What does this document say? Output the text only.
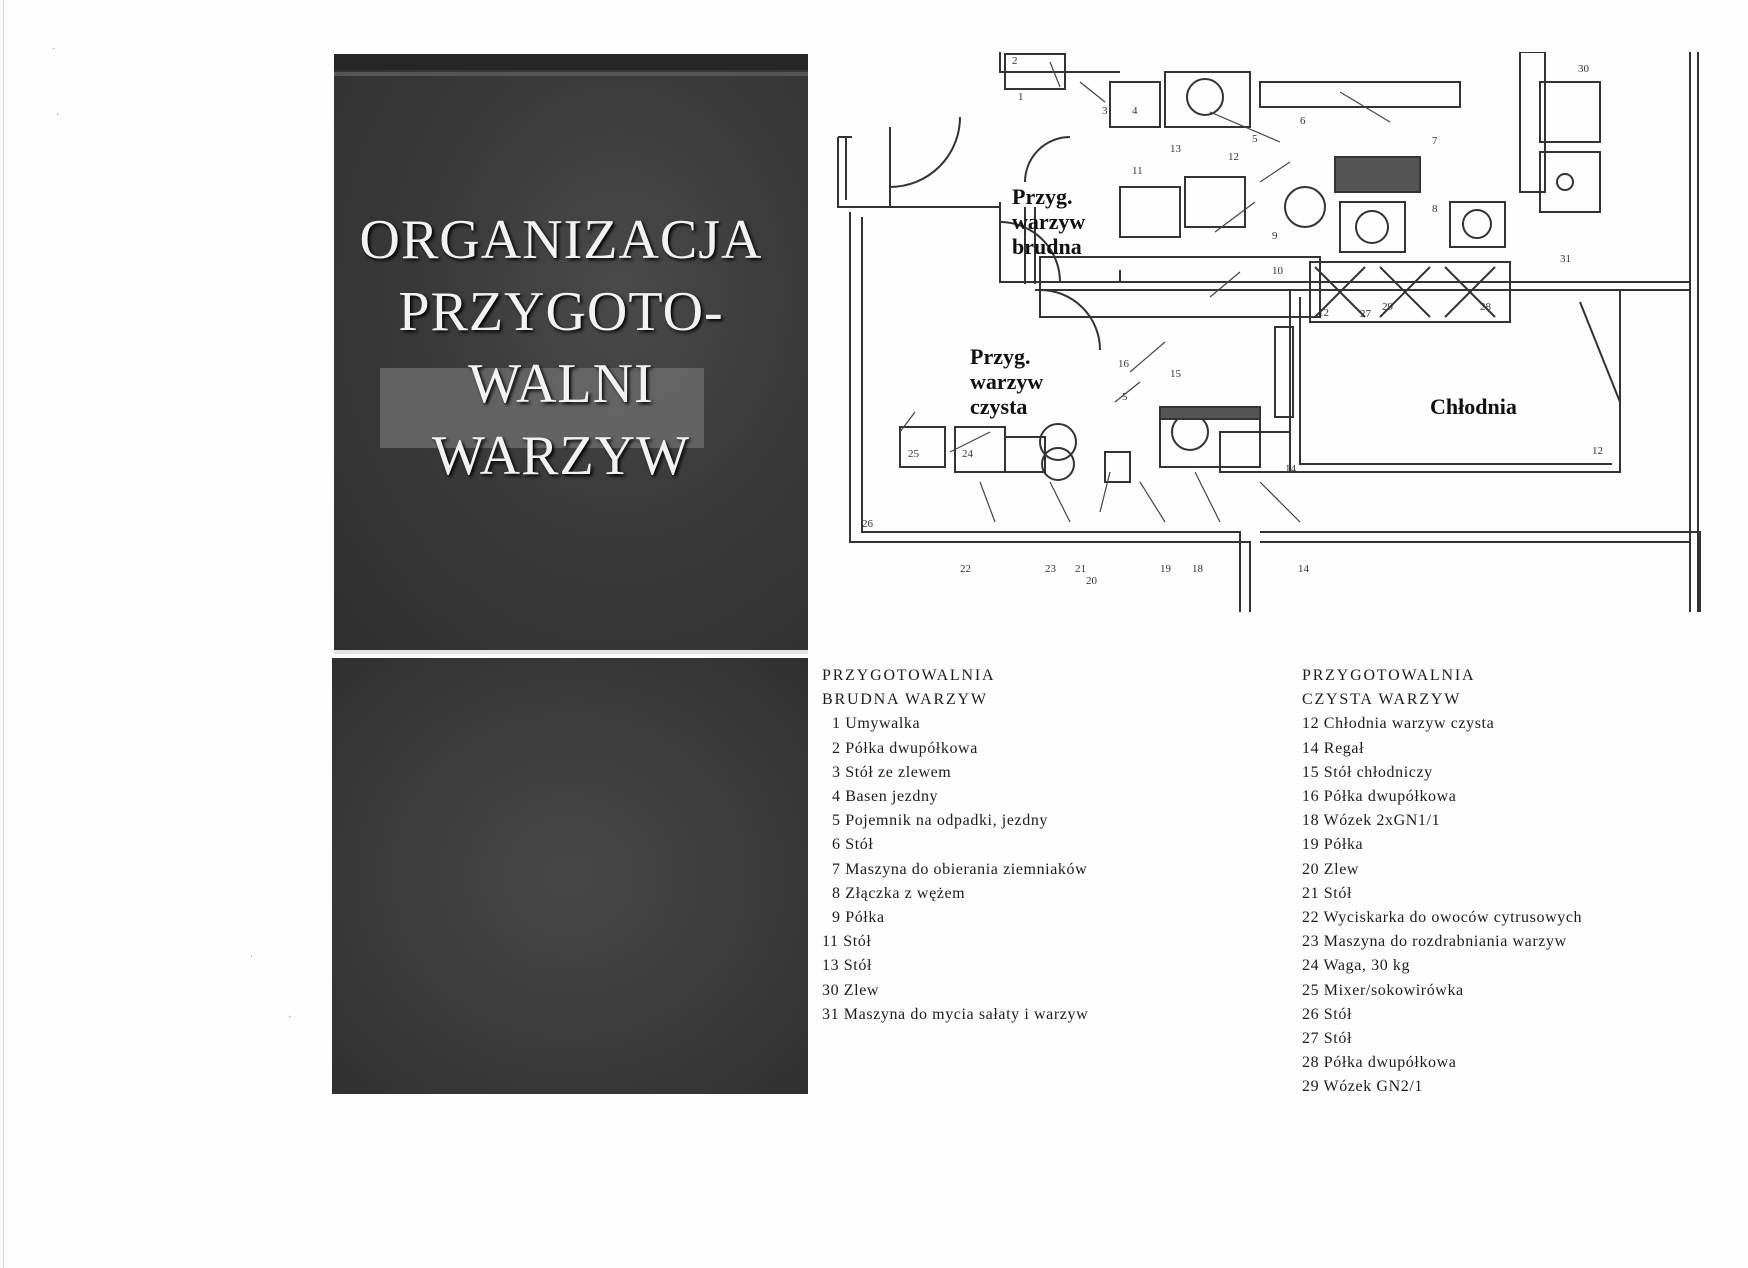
·
·
·
·
ORGANIZACJA
PRZYGOTO-
WALNI
WARZYW
2
1
3 4
5
6
7
8
9
10
11
13
12
27
28
29
12
14
15
16
5
12
25	24
26
22	23 21
20
19 18	14
31
30
Przyg.
warzyw
brudna
Przyg.
warzyw
czysta	Chłodnia
PRZYGOTOWALNIA
BRUDNA WARZYW
1 Umywalka
2 Półka dwupółkowa
3 Stół ze zlewem
4 Basen jezdny
5 Pojemnik na odpadki, jezdny
6 Stół
7 Maszyna do obierania ziemniaków
8 Złączka z wężem
9 Półka
11 Stół
13 Stół
30 Zlew
31 Maszyna do mycia sałaty i warzyw
PRZYGOTOWALNIA
CZYSTA WARZYW
12 Chłodnia warzyw czysta
14 Regał
15 Stół chłodniczy
16 Półka dwupółkowa
18 Wózek 2xGN1/1
19 Półka
20 Zlew
21 Stół
22 Wyciskarka do owoców cytrusowych
23 Maszyna do rozdrabniania warzyw
24 Waga, 30 kg
25 Mixer/sokowirówka
26 Stół
27 Stół
28 Półka dwupółkowa
29 Wózek GN2/1
